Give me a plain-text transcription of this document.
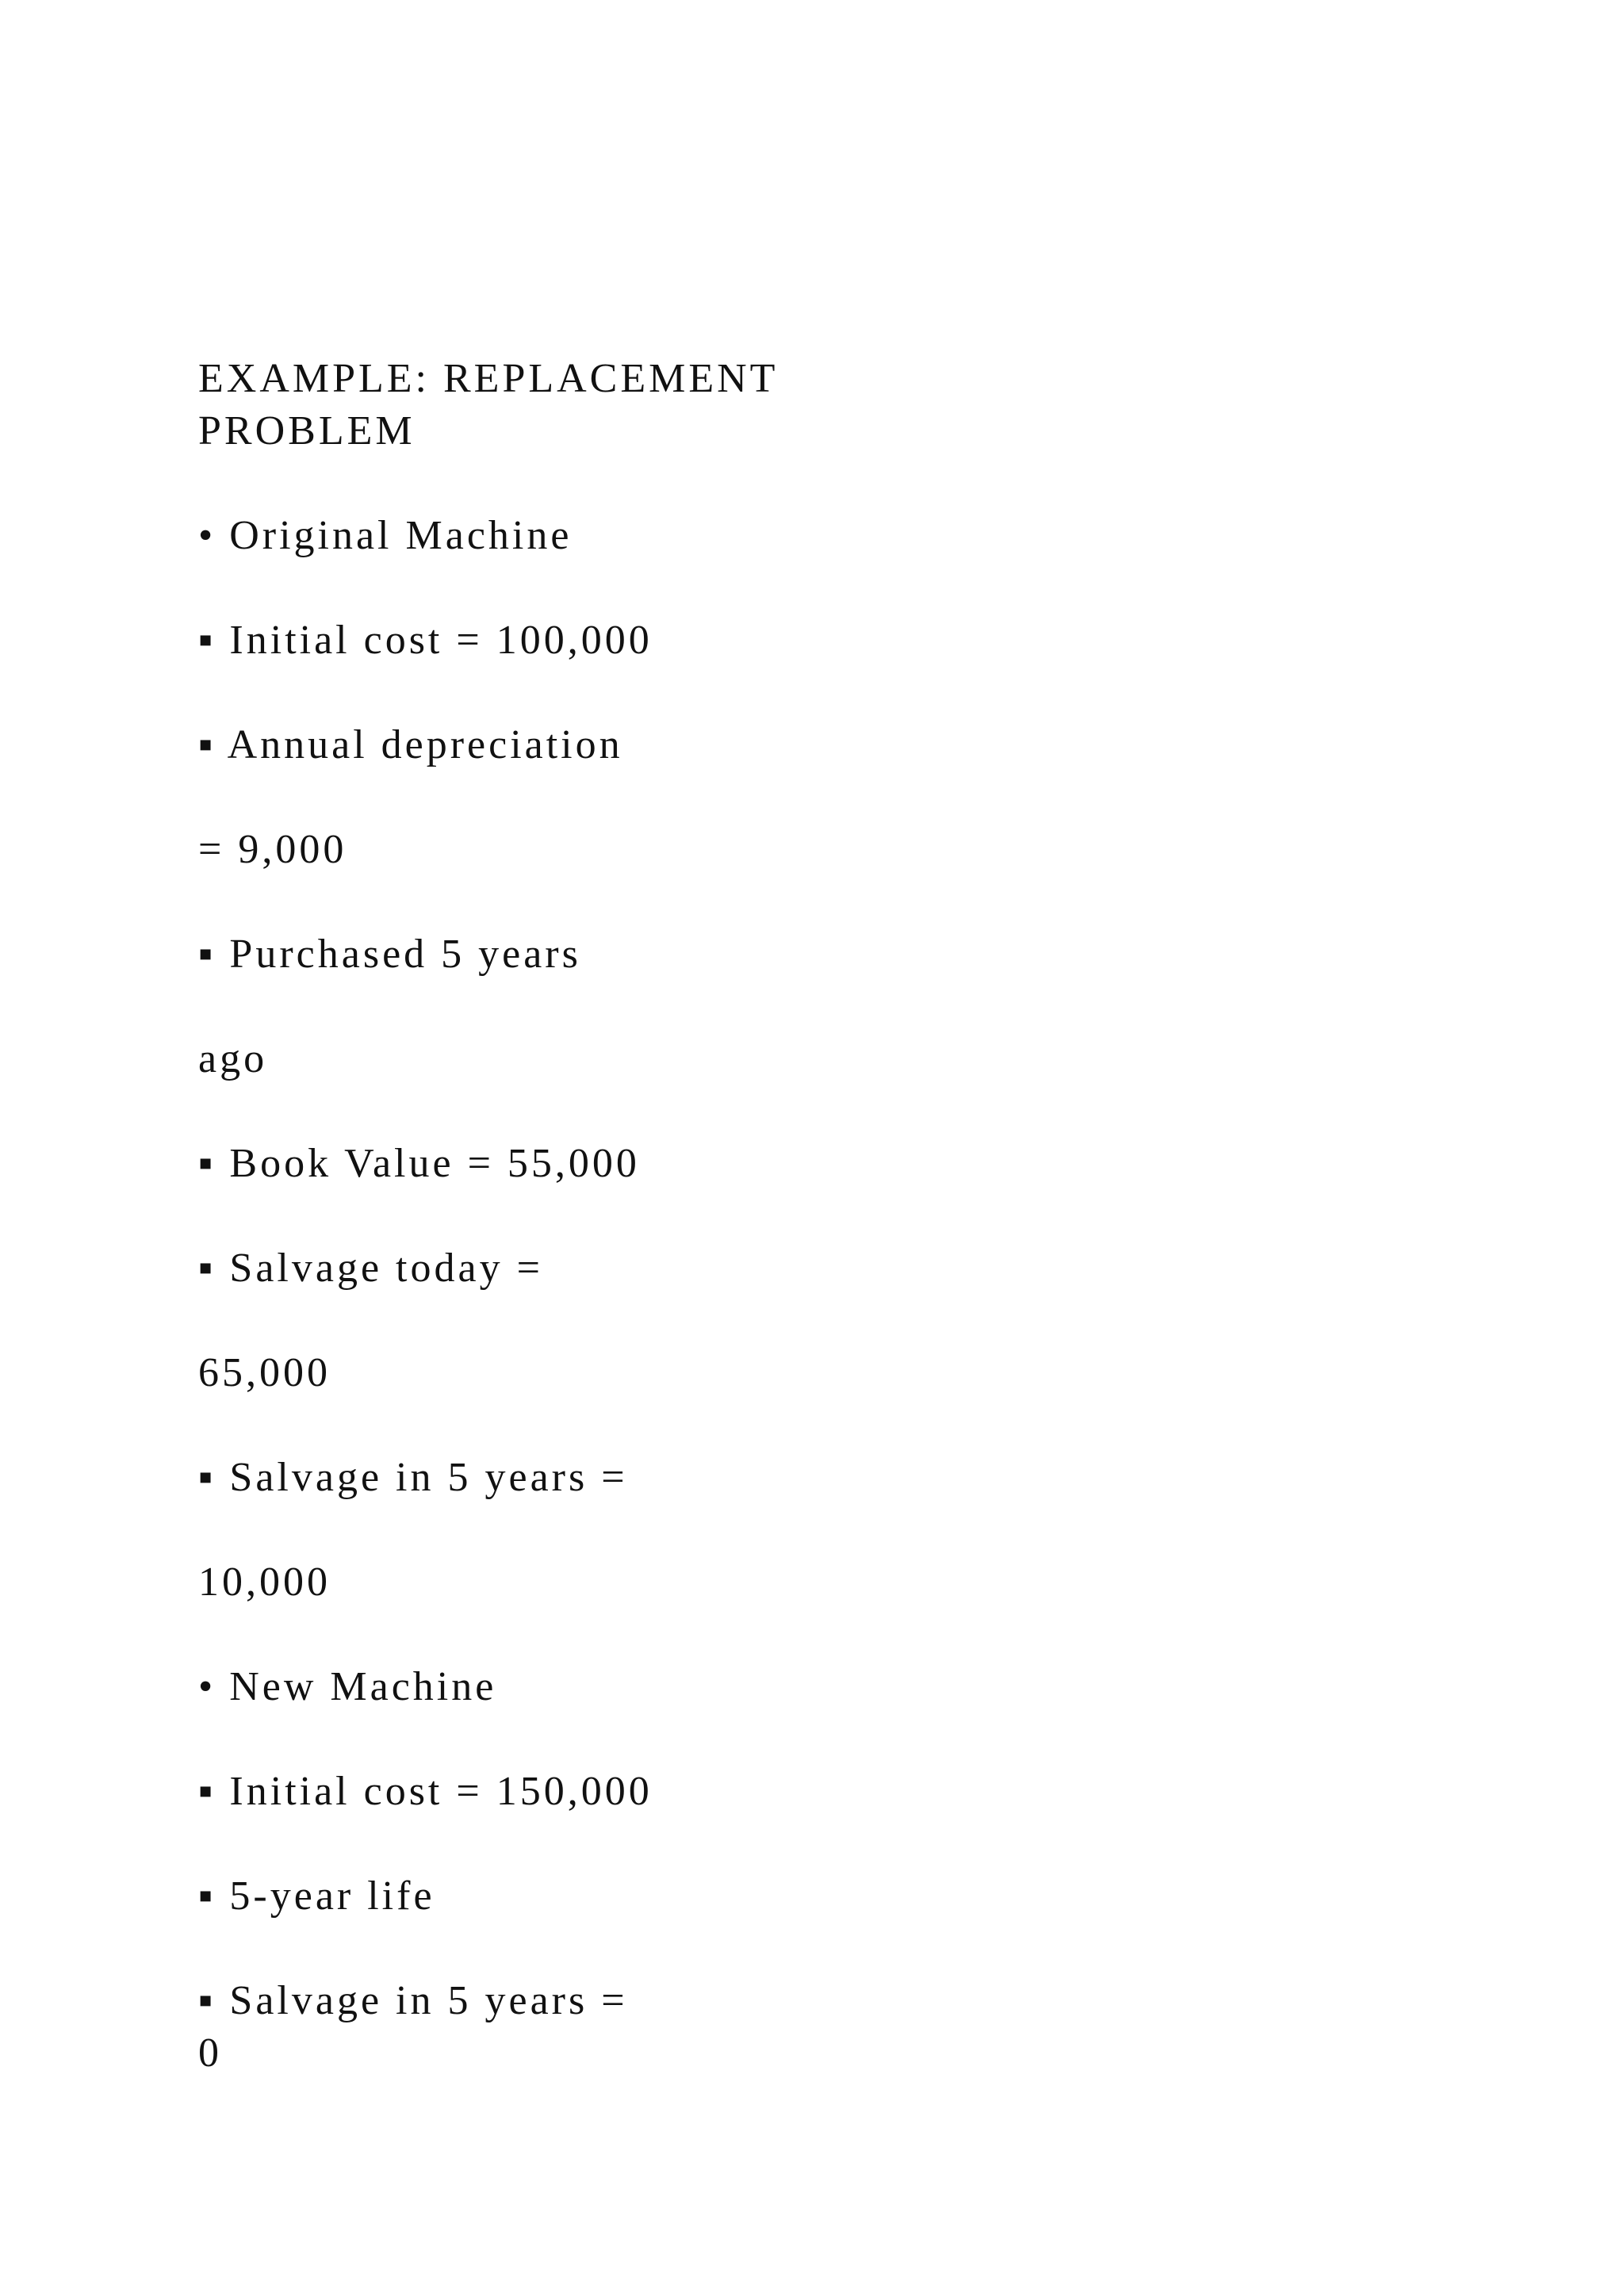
EXAMPLE: REPLACEMENT
PROBLEM
• Original Machine
▪ Initial cost = 100,000
▪ Annual depreciation
= 9,000
▪ Purchased 5 years
ago
▪ Book Value = 55,000
▪ Salvage today =
65,000
▪ Salvage in 5 years =
10,000
• New Machine
▪ Initial cost = 150,000
▪ 5-year life
▪ Salvage in 5 years =
0
